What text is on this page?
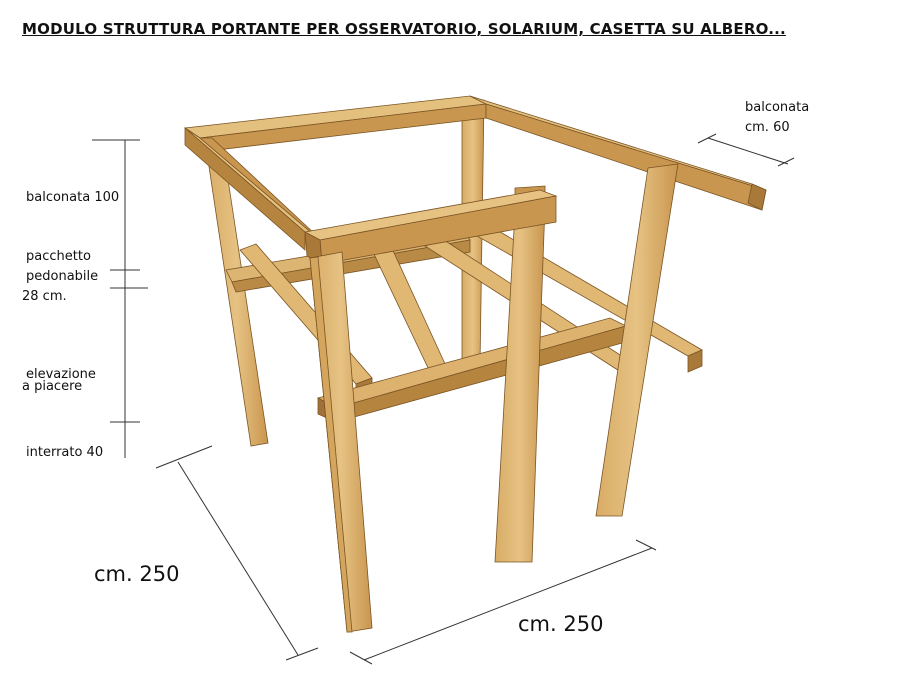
MODULO STRUTTURA PORTANTE PER OSSERVATORIO, SOLARIUM, CASETTA SU ALBERO...
balconata
cm. 60
balconata 100
pacchetto
pedonabile
28 cm.
elevazione
a piacere
interrato 40
cm. 250
cm. 250
